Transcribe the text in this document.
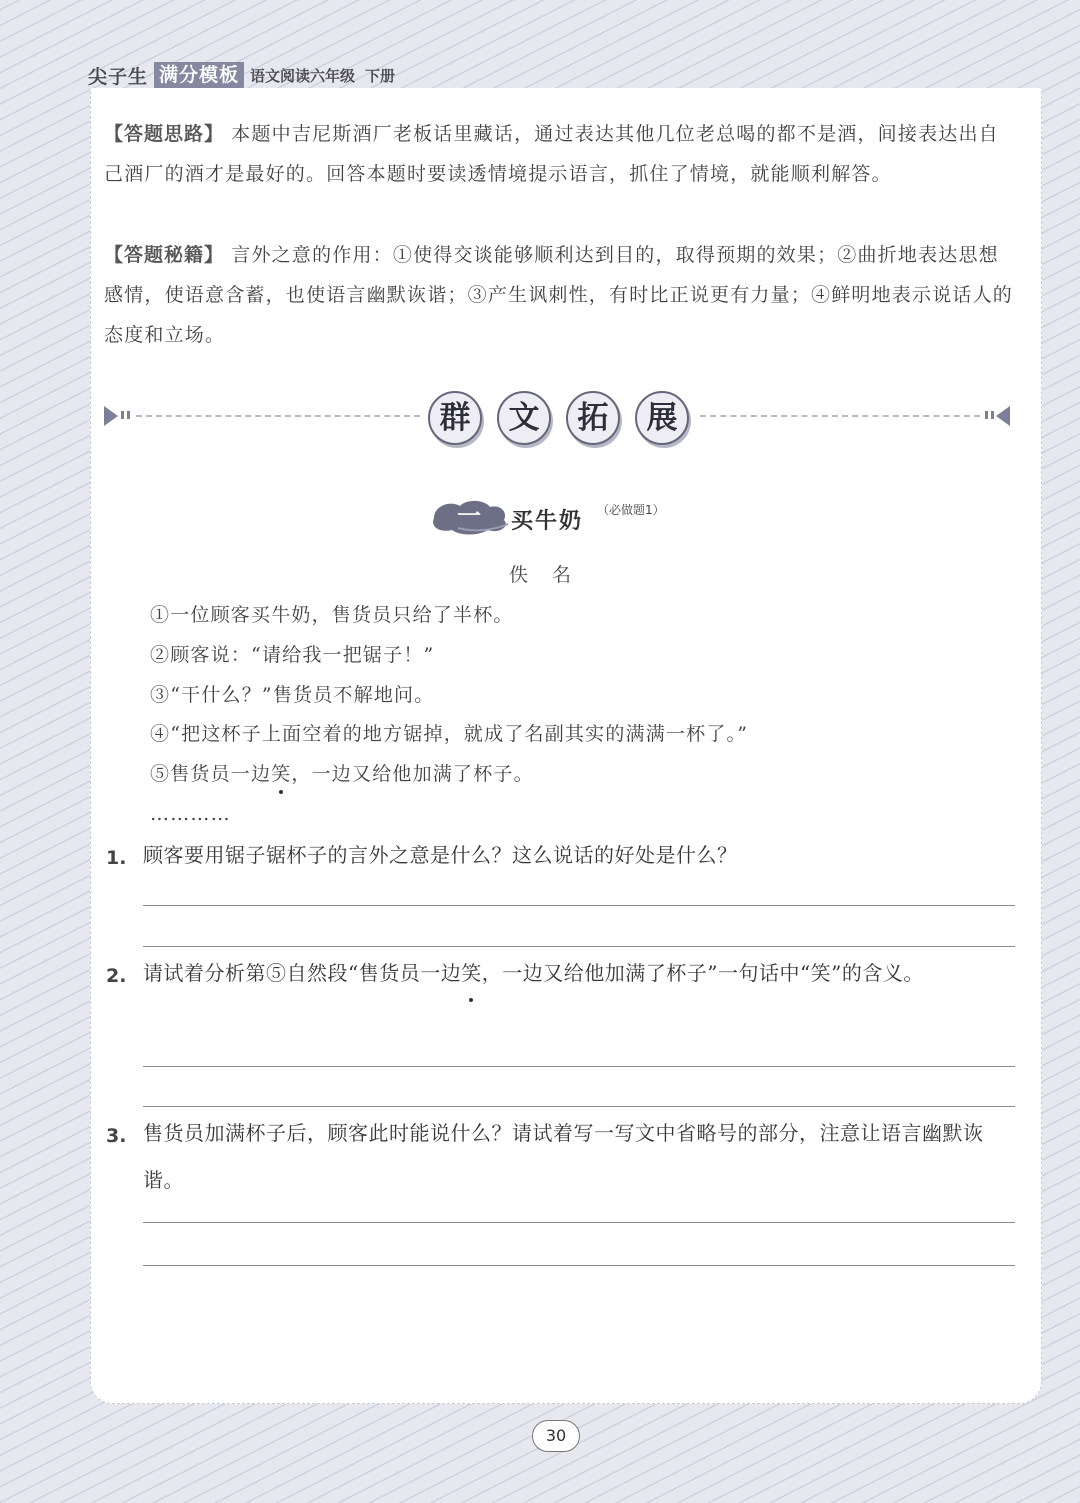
尖子生 满分模板 语文阅读六年级 下册

【答题思路】 本题中吉尼斯酒厂老板话里藏话，通过表达其他几位老总喝的都不是酒，间接表达出自己酒厂的酒才是最好的。回答本题时要读透情境提示语言，抓住了情境，就能顺利解答。

【答题秘籍】 言外之意的作用：①使得交谈能够顺利达到目的，取得预期的效果；②曲折地表达思想感情，使语意含蓄，也使语言幽默诙谐；③产生讽刺性，有时比正说更有力量；④鲜明地表示说话人的态度和立场。

群	文	拓	展
一	买牛奶 （必做题1）
佚名

①一位顾客买牛奶，售货员只给了半杯。

②顾客说：“请给我一把锯子！”

③“干什么？”售货员不解地问。

④“把这杯子上面空着的地方锯掉，就成了名副其实的满满一杯了。”

⑤售货员一边笑，一边又给他加满了杯子。

…………

1. 顾客要用锯子锯杯子的言外之意是什么？这么说话的好处是什么？

2. 请试着分析第⑤自然段“售货员一边笑，一边又给他加满了杯子”一句话中“笑”的含义。

3. 售货员加满杯子后，顾客此时能说什么？请试着写一写文中省略号的部分，注意让语言幽默诙谐。

30
